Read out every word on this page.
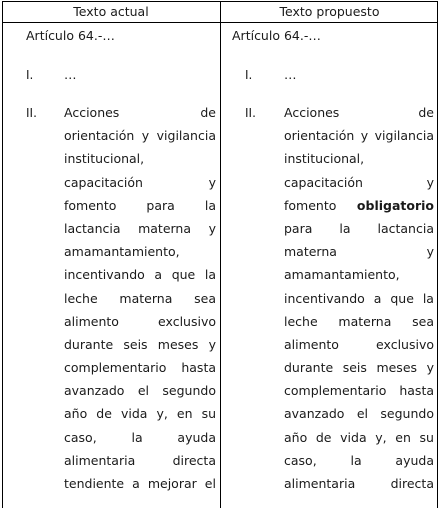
Texto actual	Texto propuesto
Artículo 64.-…
I. …
II. Acciones	de
orientación y vigilancia
institucional,
capacitación	y
fomento para la
lactancia materna y
amamantamiento,
incentivando a que la
leche materna sea
alimento	exclusivo
durante seis meses y
complementario hasta
avanzado el segundo
año de vida y, en su
caso,	la	ayuda
alimentaria	directa
tendiente a mejorar el
Artículo 64.-…
I.	…
II. Acciones	de
orientación y vigilancia
institucional,
capacitación	y
fomento obligatorio
para la lactancia
materna	y
amamantamiento,
incentivando a que la
leche materna sea
alimento	exclusivo
durante seis meses y
complementario hasta
avanzado el segundo
año de vida y, en su
caso,	la	ayuda
alimentaria	directa
